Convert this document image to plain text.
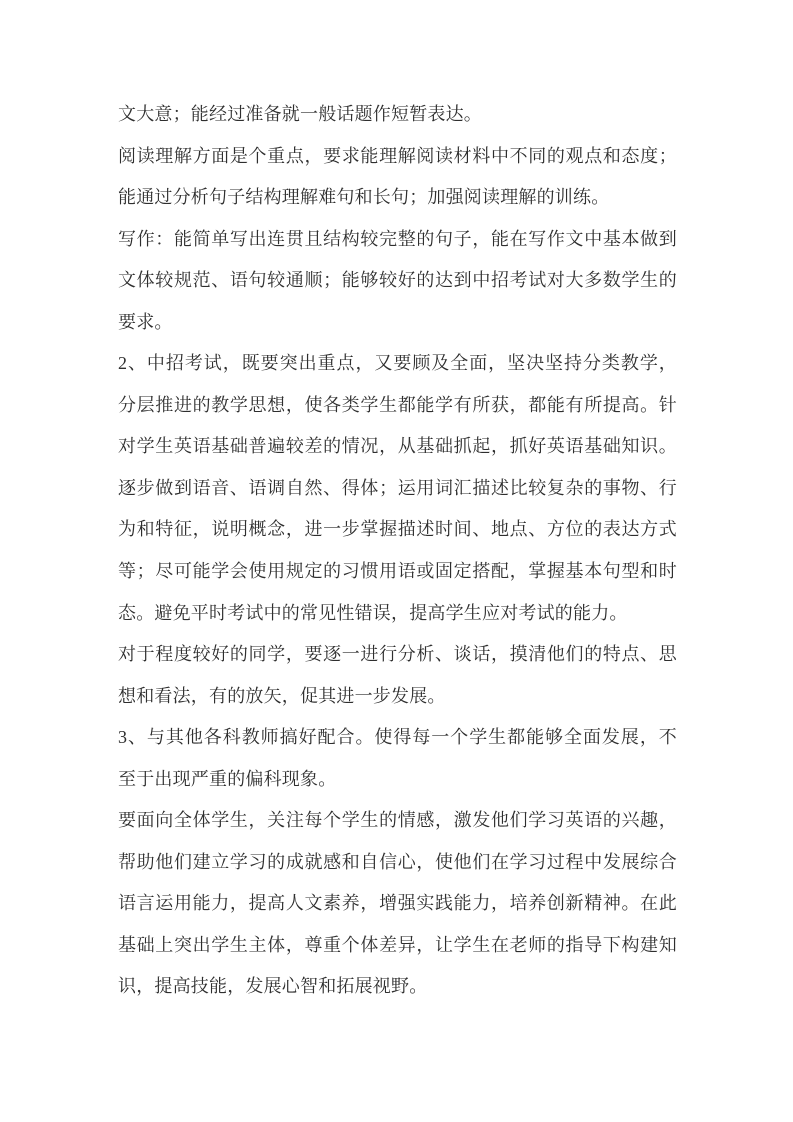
文大意；能经过准备就一般话题作短暂表达。
阅读理解方面是个重点，要求能理解阅读材料中不同的观点和态度；
能通过分析句子结构理解难句和长句；加强阅读理解的训练。
写作：能简单写出连贯且结构较完整的句子，能在写作文中基本做到
文体较规范、语句较通顺；能够较好的达到中招考试对大多数学生的
要求。
2、中招考试，既要突出重点，又要顾及全面，坚决坚持分类教学，
分层推进的教学思想，使各类学生都能学有所获，都能有所提高。针
对学生英语基础普遍较差的情况，从基础抓起，抓好英语基础知识。
逐步做到语音、语调自然、得体；运用词汇描述比较复杂的事物、行
为和特征，说明概念，进一步掌握描述时间、地点、方位的表达方式
等；尽可能学会使用规定的习惯用语或固定搭配，掌握基本句型和时
态。避免平时考试中的常见性错误，提高学生应对考试的能力。
对于程度较好的同学，要逐一进行分析、谈话，摸清他们的特点、思
想和看法，有的放矢，促其进一步发展。
3、与其他各科教师搞好配合。使得每一个学生都能够全面发展，不
至于出现严重的偏科现象。
要面向全体学生，关注每个学生的情感，激发他们学习英语的兴趣，
帮助他们建立学习的成就感和自信心，使他们在学习过程中发展综合
语言运用能力，提高人文素养，增强实践能力，培养创新精神。在此
基础上突出学生主体，尊重个体差异，让学生在老师的指导下构建知
识，提高技能，发展心智和拓展视野。
